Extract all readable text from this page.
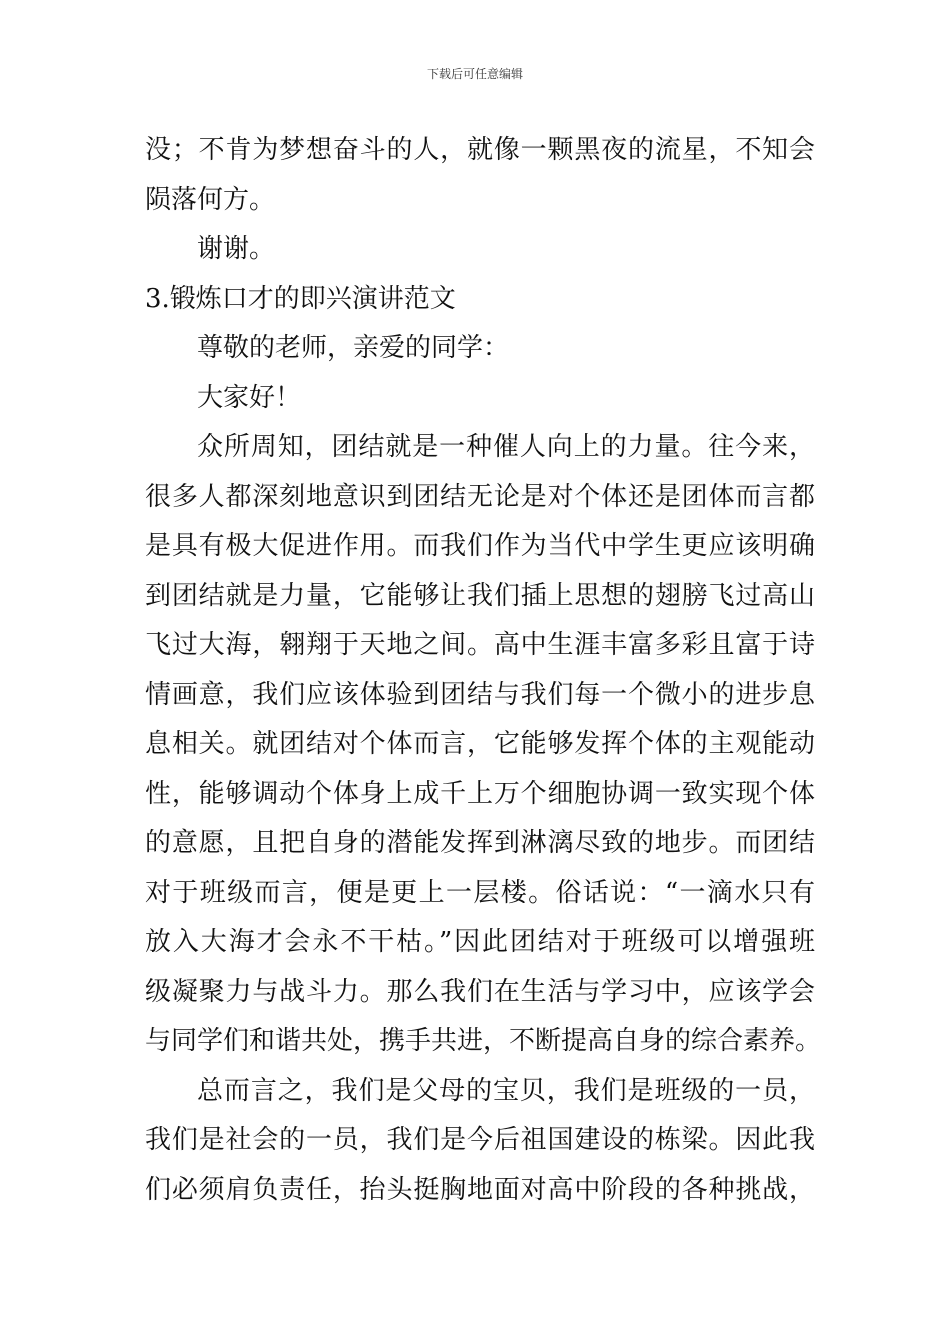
下载后可任意编辑
没；不肯为梦想奋斗的人，就像一颗黑夜的流星，不知会
陨落何方。
谢谢。
3.锻炼口才的即兴演讲范文
尊敬的老师，亲爱的同学：
大家好！
众所周知，团结就是一种催人向上的力量。往今来，
很多人都深刻地意识到团结无论是对个体还是团体而言都
是具有极大促进作用。而我们作为当代中学生更应该明确
到团结就是力量，它能够让我们插上思想的翅膀飞过高山
飞过大海，翱翔于天地之间。高中生涯丰富多彩且富于诗
情画意，我们应该体验到团结与我们每一个微小的进步息
息相关。就团结对个体而言，它能够发挥个体的主观能动
性，能够调动个体身上成千上万个细胞协调一致实现个体
的意愿，且把自身的潜能发挥到淋漓尽致的地步。而团结
对于班级而言，便是更上一层楼。俗话说：“一滴水只有
放入大海才会永不干枯。”因此团结对于班级可以增强班
级凝聚力与战斗力。那么我们在生活与学习中，应该学会
与同学们和谐共处，携手共进，不断提高自身的综合素养。
总而言之，我们是父母的宝贝，我们是班级的一员，
我们是社会的一员，我们是今后祖国建设的栋梁。因此我
们必须肩负责任，抬头挺胸地面对高中阶段的各种挑战，
